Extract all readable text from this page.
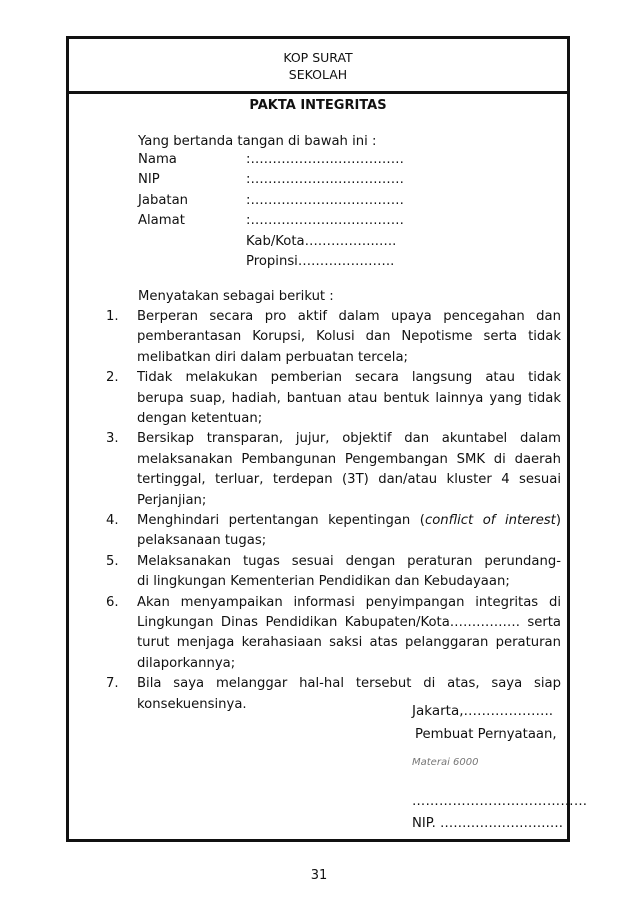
KOP SURAT
SEKOLAH
PAKTA INTEGRITAS
Yang bertanda tangan di bawah ini :
Nama	:………………..……………
NIP	:………………..……………
Jabatan	:………………..……………
Alamat	:………………..……………
Kab/Kota……………..….
Propinsi………………….
Menyatakan sebagai berikut :
1.	Berperan secara pro aktif dalam upaya pencegahan dan
pemberantasan Korupsi, Kolusi dan Nepotisme serta tidak
melibatkan diri dalam perbuatan tercela;
2.	Tidak melakukan pemberian secara langsung atau tidak
berupa suap, hadiah, bantuan atau bentuk lainnya yang tidak
dengan ketentuan;
3.	Bersikap transparan, jujur, objektif dan akuntabel dalam
melaksanakan Pembangunan Pengembangan SMK di daerah
tertinggal, terluar, terdepan (3T) dan/atau kluster 4 sesuai
Perjanjian;
4.	Menghindari pertentangan kepentingan (conflict of interest)
pelaksanaan tugas;
5.	Melaksanakan tugas sesuai dengan peraturan perundang-
di lingkungan Kementerian Pendidikan dan Kebudayaan;
6.	Akan menyampaikan informasi penyimpangan integritas di
Lingkungan Dinas Pendidikan Kabupaten/Kota……………. serta
turut menjaga kerahasiaan saksi atas pelanggaran peraturan
dilaporkannya;
7.	Bila saya melanggar hal-hal tersebut di atas, saya siap
konsekuensinya.	Jakarta,………………..
Pembuat Pernyataan,
Materai 6000
…………………………………
NIP. ……………………….
31
